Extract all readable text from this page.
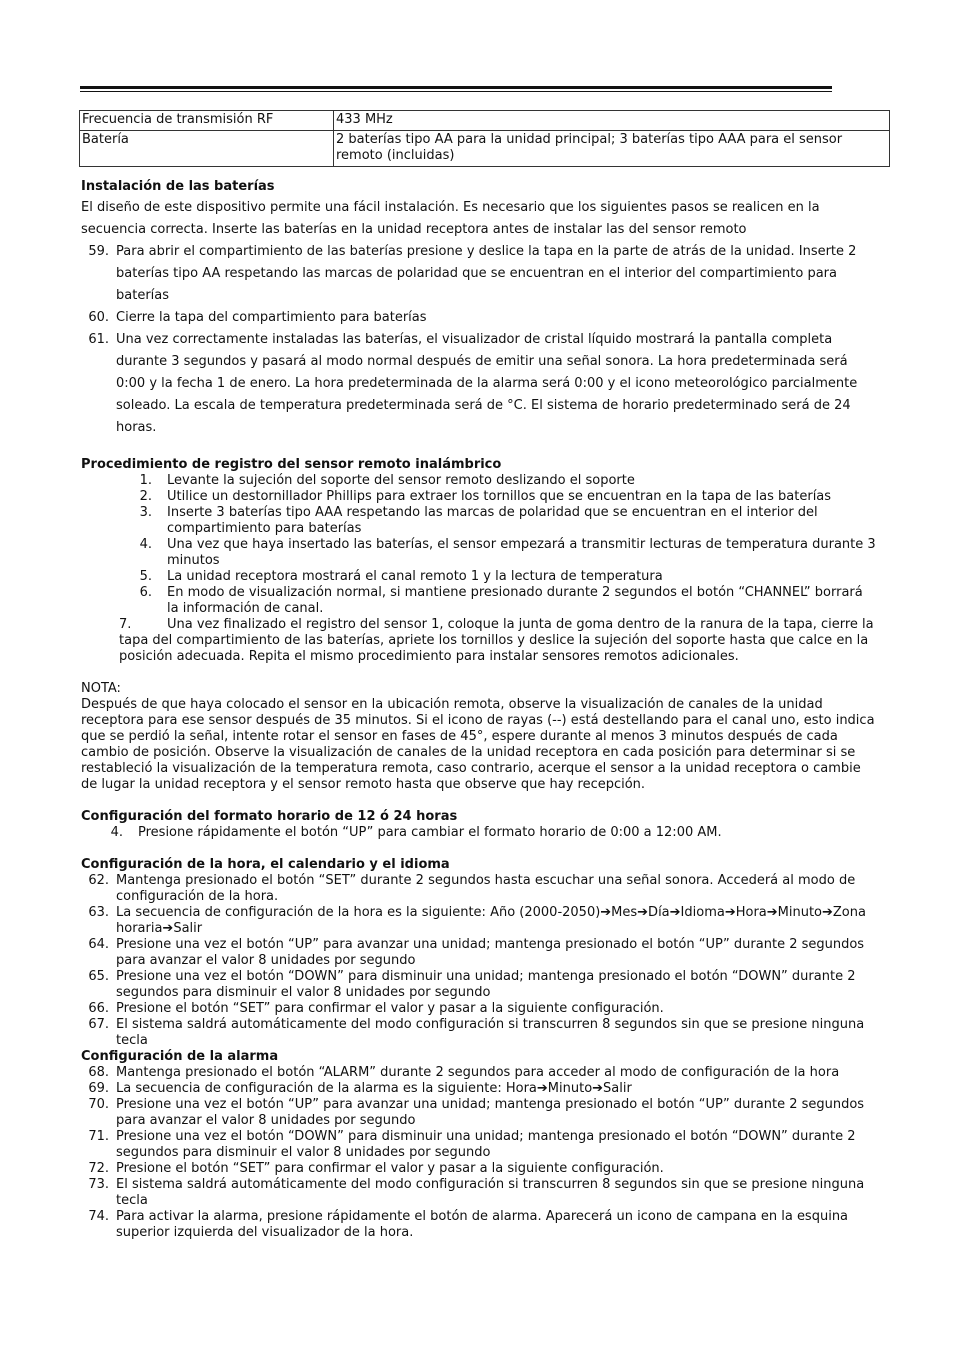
Frecuencia de transmisión RF	433 MHz
Batería	2 baterías tipo AA para la unidad principal; 3 baterías tipo AAA para el sensor remoto (incluidas)
Instalación de las baterías

El diseño de este dispositivo permite una fácil instalación. Es necesario que los siguientes pasos se realicen en la secuencia correcta. Inserte las baterías en la unidad receptora antes de instalar las del sensor remoto

59. Para abrir el compartimiento de las baterías presione y deslice la tapa en la parte de atrás de la unidad. Inserte 2 baterías tipo AA respetando las marcas de polaridad que se encuentran en el interior del compartimiento para baterías
60. Cierre la tapa del compartimiento para baterías
61. Una vez correctamente instaladas las baterías, el visualizador de cristal líquido mostrará la pantalla completa durante 3 segundos y pasará al modo normal después de emitir una señal sonora. La hora predeterminada será 0:00 y la fecha 1 de enero. La hora predeterminada de la alarma será 0:00 y el icono meteorológico parcialmente soleado. La escala de temperatura predeterminada será de °C. El sistema de horario predeterminado será de 24 horas.
Procedimiento de registro del sensor remoto inalámbrico
1.	Levante la sujeción del soporte del sensor remoto deslizando el soporte
2.	Utilice un destornillador Phillips para extraer los tornillos que se encuentran en la tapa de las baterías
3.	Inserte 3 baterías tipo AAA respetando las marcas de polaridad que se encuentran en el interior del compartimiento para baterías
4.	Una vez que haya insertado las baterías, el sensor empezará a transmitir lecturas de temperatura durante 3 minutos
5.	La unidad receptora mostrará el canal remoto 1 y la lectura de temperatura
6.	En modo de visualización normal, si mantiene presionado durante 2 segundos el botón “CHANNEL” borrará la información de canal.

7.	Una vez finalizado el registro del sensor 1, coloque la junta de goma dentro de la ranura de la tapa, cierre la tapa del compartimiento de las baterías, apriete los tornillos y deslice la sujeción del soporte hasta que calce en la posición adecuada. Repita el mismo procedimiento para instalar sensores remotos adicionales.

NOTA:

Después de que haya colocado el sensor en la ubicación remota, observe la visualización de canales de la unidad receptora para ese sensor después de 35 minutos. Si el icono de rayas (--) está destellando para el canal uno, esto indica que se perdió la señal, intente rotar el sensor en fases de 45°, espere durante al menos 3 minutos después de cada cambio de posición. Observe la visualización de canales de la unidad receptora en cada posición para determinar si se restableció la visualización de la temperatura remota, caso contrario, acerque el sensor a la unidad receptora o cambie de lugar la unidad receptora y el sensor remoto hasta que observe que hay recepción.

Configuración del formato horario de 12 ó 24 horas
4.	Presione rápidamente el botón “UP” para cambiar el formato horario de 0:00 a 12:00 AM.
Configuración de la hora, el calendario y el idioma
62. Mantenga presionado el botón “SET” durante 2 segundos hasta escuchar una señal sonora. Accederá al modo de configuración de la hora.
63. La secuencia de configuración de la hora es la siguiente: Año (2000-2050)➔Mes➔Día➔Idioma➔Hora➔Minuto➔Zona horaria➔Salir
64. Presione una vez el botón “UP” para avanzar una unidad; mantenga presionado el botón “UP” durante 2 segundos para avanzar el valor 8 unidades por segundo
65. Presione una vez el botón “DOWN” para disminuir una unidad; mantenga presionado el botón “DOWN” durante 2 segundos para disminuir el valor 8 unidades por segundo
66. Presione el botón “SET” para confirmar el valor y pasar a la siguiente configuración.
67. El sistema saldrá automáticamente del modo configuración si transcurren 8 segundos sin que se presione ninguna tecla
Configuración de la alarma
68. Mantenga presionado el botón “ALARM” durante 2 segundos para acceder al modo de configuración de la hora
69. La secuencia de configuración de la alarma es la siguiente: Hora➔Minuto➔Salir
70. Presione una vez el botón “UP” para avanzar una unidad; mantenga presionado el botón “UP” durante 2 segundos para avanzar el valor 8 unidades por segundo
71. Presione una vez el botón “DOWN” para disminuir una unidad; mantenga presionado el botón “DOWN” durante 2 segundos para disminuir el valor 8 unidades por segundo
72. Presione el botón “SET” para confirmar el valor y pasar a la siguiente configuración.
73. El sistema saldrá automáticamente del modo configuración si transcurren 8 segundos sin que se presione ninguna tecla
74. Para activar la alarma, presione rápidamente el botón de alarma. Aparecerá un icono de campana en la esquina superior izquierda del visualizador de la hora.
